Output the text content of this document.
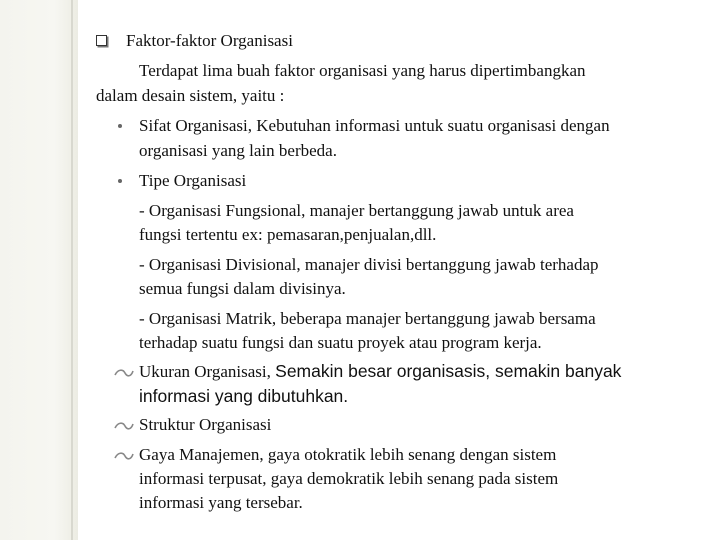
Faktor-faktor Organisasi
Terdapat lima buah faktor organisasi yang harus dipertimbangkan
dalam desain sistem, yaitu :
Sifat Organisasi, Kebutuhan informasi untuk suatu organisasi dengan
organisasi yang lain berbeda.
Tipe Organisasi
- Organisasi Fungsional, manajer bertanggung jawab untuk area
fungsi tertentu ex: pemasaran,penjualan,dll.
- Organisasi Divisional, manajer divisi bertanggung jawab terhadap
semua fungsi dalam divisinya.
- Organisasi Matrik, beberapa manajer bertanggung jawab bersama
terhadap suatu fungsi dan suatu proyek atau program kerja.
Ukuran Organisasi, Semakin besar organisasis, semakin banyak
informasi yang dibutuhkan.
Struktur Organisasi
Gaya Manajemen, gaya otokratik lebih senang dengan sistem
informasi terpusat, gaya demokratik lebih senang pada sistem
informasi yang tersebar.
